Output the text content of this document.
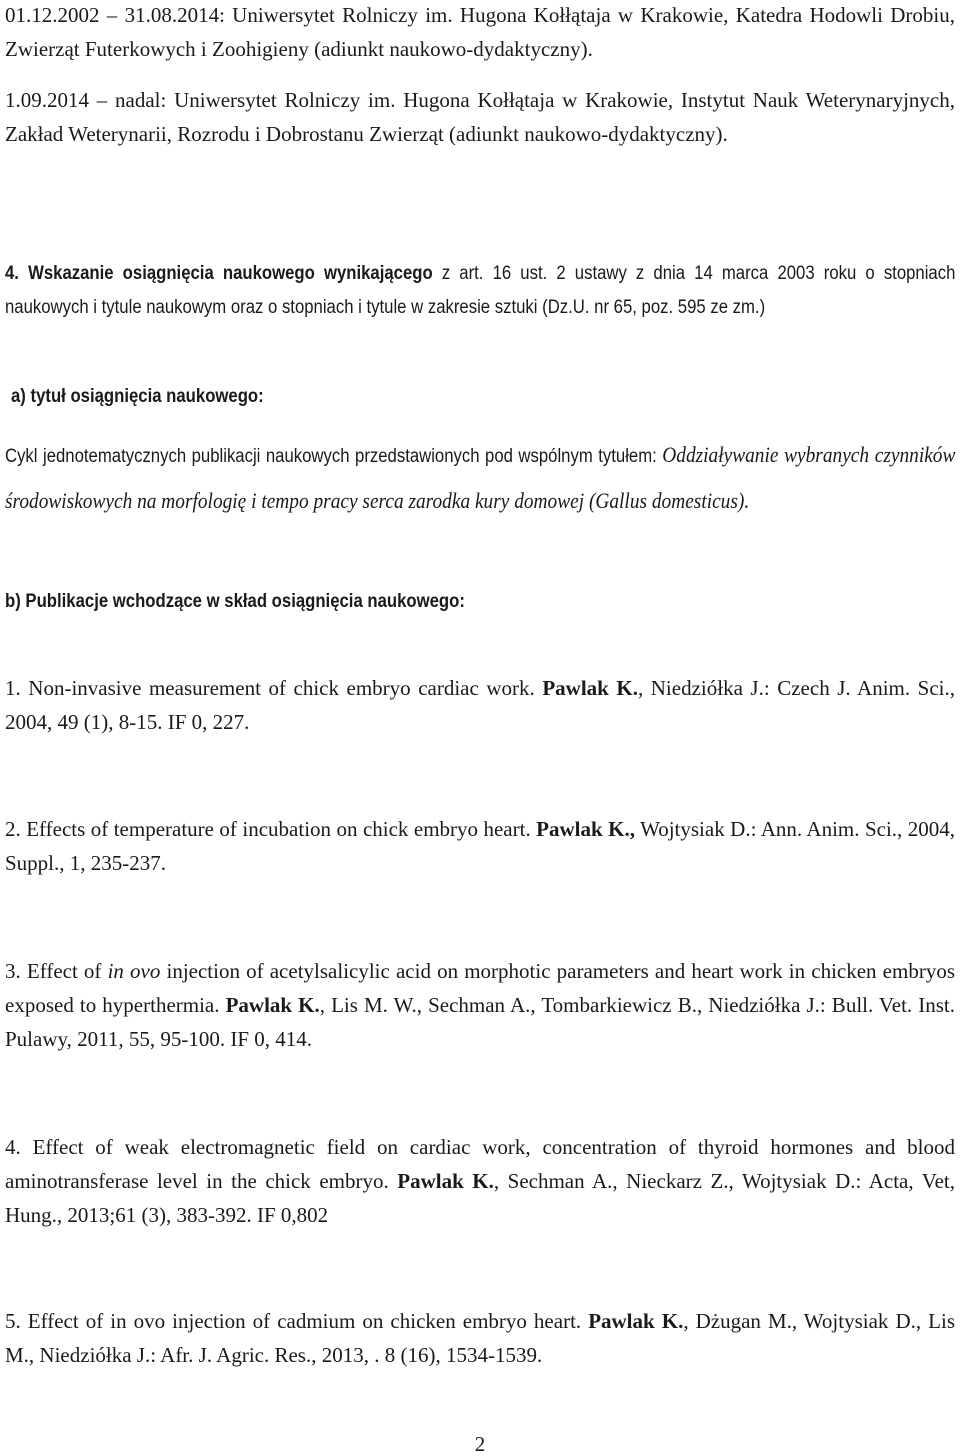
01.12.2002 – 31.08.2014: Uniwersytet Rolniczy im. Hugona Kołłątaja w Krakowie, Katedra Hodowli Drobiu, Zwierząt Futerkowych i Zoohigieny (adiunkt naukowo-dydaktyczny).

1.09.2014 – nadal: Uniwersytet Rolniczy im. Hugona Kołłątaja w Krakowie, Instytut Nauk Weterynaryjnych, Zakład Weterynarii, Rozrodu i Dobrostanu Zwierząt (adiunkt naukowo-dydaktyczny).

4. Wskazanie osiągnięcia naukowego wynikającego z art. 16 ust. 2 ustawy z dnia 14 marca 2003 roku o stopniach naukowych i tytule naukowym oraz o stopniach i tytule w zakresie sztuki (Dz.U. nr 65, poz. 595 ze zm.)

a) tytuł osiągnięcia naukowego:

Cykl jednotematycznych publikacji naukowych przedstawionych pod wspólnym tytułem: Oddziaływanie wybranych czynników środowiskowych na morfologię i tempo pracy serca zarodka kury domowej (Gallus domesticus).

b) Publikacje wchodzące w skład osiągnięcia naukowego:

1. Non-invasive measurement of chick embryo cardiac work. Pawlak K., Niedziółka J.: Czech J. Anim. Sci., 2004, 49 (1), 8-15. IF 0, 227.

2. Effects of temperature of incubation on chick embryo heart. Pawlak K., Wojtysiak D.: Ann. Anim. Sci., 2004, Suppl., 1, 235-237.

3. Effect of in ovo injection of acetylsalicylic acid on morphotic parameters and heart work in chicken embryos exposed to hyperthermia. Pawlak K., Lis M. W., Sechman A., Tombarkiewicz B., Niedziółka J.: Bull. Vet. Inst. Pulawy, 2011, 55, 95-100. IF 0, 414.

4. Effect of weak electromagnetic field on cardiac work, concentration of thyroid hormones and blood aminotransferase level in the chick embryo. Pawlak K., Sechman A., Nieckarz Z., Wojtysiak D.: Acta, Vet, Hung., 2013;61 (3), 383-392. IF 0,802

5. Effect of in ovo injection of cadmium on chicken embryo heart. Pawlak K., Dżugan M., Wojtysiak D., Lis M., Niedziółka J.: Afr. J. Agric. Res., 2013, . 8 (16), 1534-1539.

2
